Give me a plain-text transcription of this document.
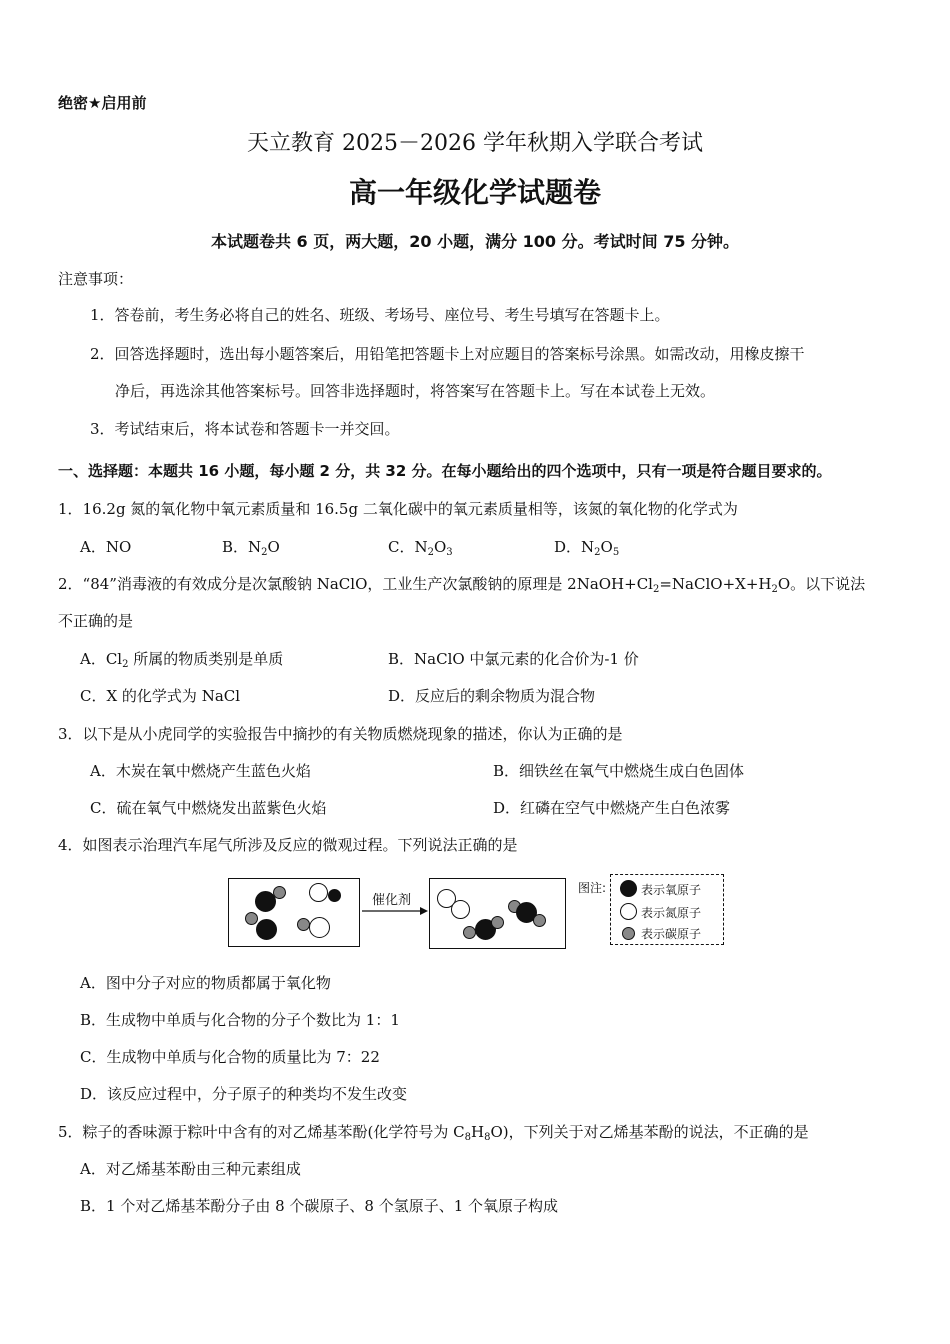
绝密★启用前
天立教育 2025－2026 学年秋期入学联合考试
高一年级化学试题卷
本试题卷共 6 页，两大题，20 小题，满分 100 分。考试时间 75 分钟。
注意事项：
1．答卷前，考生务必将自己的姓名、班级、考场号、座位号、考生号填写在答题卡上。
2．回答选择题时，选出每小题答案后，用铅笔把答题卡上对应题目的答案标号涂黑。如需改动，用橡皮擦干
净后，再选涂其他答案标号。回答非选择题时，将答案写在答题卡上。写在本试卷上无效。
3．考试结束后，将本试卷和答题卡一并交回。
一、选择题：本题共 16 小题，每小题 2 分，共 32 分。在每小题给出的四个选项中，只有一项是符合题目要求的。
1．16.2g 氮的氧化物中氧元素质量和 16.5g 二氧化碳中的氧元素质量相等，该氮的氧化物的化学式为
A．NO	B．$N_2O$	C．$N_2O_3$	D．$N_2O_5$
2．“84”消毒液的有效成分是次氯酸钠 NaClO，工业生产次氯酸钠的原理是 $2NaOH+Cl_2=NaClO+X+H_2O$。以下说法
不正确的是
A．$Cl_2$ 所属的物质类别是单质	B．NaClO 中氯元素的化合价为-1 价
C．X 的化学式为 NaCl	D．反应后的剩余物质为混合物
3．以下是从小虎同学的实验报告中摘抄的有关物质燃烧现象的描述，你认为正确的是
A．木炭在氧中燃烧产生蓝色火焰	B．细铁丝在氧气中燃烧生成白色固体
C．硫在氧气中燃烧发出蓝紫色火焰	D．红磷在空气中燃烧产生白色浓雾
4．如图表示治理汽车尾气所涉及反应的微观过程。下列说法正确的是
催化剂
图注:	表示氧原子
表示氮原子
表示碳原子
A．图中分子对应的物质都属于氧化物
B．生成物中单质与化合物的分子个数比为 1：1
C．生成物中单质与化合物的质量比为 7：22
D．该反应过程中，分子原子的种类均不发生改变
5．粽子的香味源于粽叶中含有的对乙烯基苯酚(化学符号为 $C_8H_8O$)，下列关于对乙烯基苯酚的说法，不正确的是
A．对乙烯基苯酚由三种元素组成
B．1 个对乙烯基苯酚分子由 8 个碳原子、8 个氢原子、1 个氧原子构成
